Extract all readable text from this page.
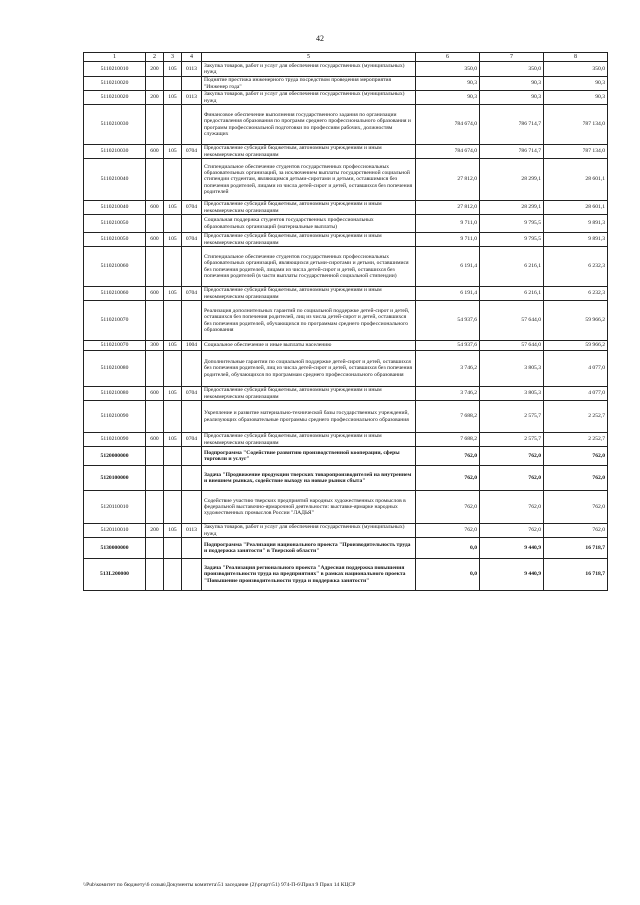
42
1	2	3	4	5	6	7	8
5110210010	200	105	0113	Закупка товаров, работ и услуг для обеспечения государственных (муниципальных) нужд	350,0	350,0	350,0
5110210020				Поднятие престижа инженерного труда посредством проведения мероприятия "Инженер года"	90,3	90,3	90,3
5110210020	200	105	0113	Закупка товаров, работ и услуг для обеспечения государственных (муниципальных) нужд	90,3	90,3	90,3
5110210030				Финансовое обеспечение выполнения государственного задания по организации предоставления образования по программ среднего профессионального образования и программ профессиональной подготовки по профессиям рабочих, должностям служащих	784 674,0	786 714,7	787 134,0
5110210030	600	105	0704	Предоставление субсидий бюджетным, автономным учреждениям и иным некоммерческим организациям	784 674,0	786 714,7	787 134,0
5110210040				Стипендиальное обеспечение студентов государственных профессиональных образовательных организаций, за исключением выплаты государственной социальной стипендии студентам, являющимся детьми-сиротами и детьми, оставшимися без попечения родителей, лицами из числа детей-сирот и детей, оставшихся без попечения родителей	27 812,0	28 299,1	28 601,1
5110210040	600	105	0704	Предоставление субсидий бюджетным, автономным учреждениям и иным некоммерческим организациям	27 812,0	28 299,1	28 601,1
5110210050				Социальная поддержка студентов государственных профессиональных образовательных организаций (материальные выплаты)	9 711,0	9 795,5	9 891,3
5110210050	600	105	0704	Предоставление субсидий бюджетным, автономным учреждениям и иным некоммерческим организациям	9 711,0	9 795,5	9 891,3
5110210060				Стипендиальное обеспечение студентов государственных профессиональных образовательных организаций, являющихся детьми-сиротами и детьми, оставшимися без попечения родителей, лицами из числа детей-сирот и детей, оставшихся без попечения родителей (в части выплаты государственной социальной стипендии)	6 191,4	6 216,1	6 232,3
5110210060	600	105	0704	Предоставление субсидий бюджетным, автономным учреждениям и иным некоммерческим организациям	6 191,4	6 216,1	6 232,3
5110210070				Реализация дополнительных гарантий по социальной поддержке детей-сирот и детей, оставшихся без попечения родителей, лиц из числа детей-сирот и детей, оставшихся без попечения родителей, обучающихся по программам среднего профессионального образования	54 937,6	57 644,0	59 966,2
5110210070	300	105	1004	Социальное обеспечение и иные выплаты населению	54 937,6	57 644,0	59 966,2
5110210080				Дополнительные гарантии по социальной поддержке детей-сирот и детей, оставшихся без попечения родителей, лиц из числа детей-сирот и детей, оставшихся без попечения родителей, обучающихся по программам среднего профессионального образования	3 746,2	3 805,3	4 077,0
5110210080	600	105	0704	Предоставление субсидий бюджетным, автономным учреждениям и иным некоммерческим организациям	3 746,2	3 805,3	4 077,0
5110210090				Укрепление и развитие материально-технической базы государственных учреждений, реализующих образовательные программы среднего профессионального образования	7 688,2	2 575,7	2 252,7
5110210090	600	105	0704	Предоставление субсидий бюджетным, автономным учреждениям и иным некоммерческим организациям	7 688,2	2 575,7	2 252,7
5120000000				Подпрограмма "Содействие развитию производственной кооперации, сферы торговли и услуг"	762,0	762,0	762,0
5120100000				Задача "Продвижение продукции тверских товаропроизводителей на внутреннем и внешнем рынках, содействие выходу на новые рынки сбыта"	762,0	762,0	762,0
5120110010				Содействие участию тверских предприятий народных художественных промыслов в федеральной выставочно-ярмарочной деятельности: выставке-ярмарке народных художественных промыслов России "ЛАДЬЯ"	762,0	762,0	762,0
5120110010	200	105	0113	Закупка товаров, работ и услуг для обеспечения государственных (муниципальных) нужд	762,0	762,0	762,0
5130000000				Подпрограмма "Реализация национального проекта "Производительность труда и поддержка занятости" в Тверской области"	0,0	9 440,9	16 718,7
513L200000				Задача "Реализация регионального проекта "Адресная поддержка повышения производительности труда на предприятиях" в рамках национального проекта "Повышение производительности труда и поддержка занятости"	0,0	9 440,9	16 718,7
\\Pub\комитет по бюджету\6 созыв\Документы комитета\51 заседание (2)\ргарт\51) 974-П-6\Прил 9 Прил 14 КЦСР
